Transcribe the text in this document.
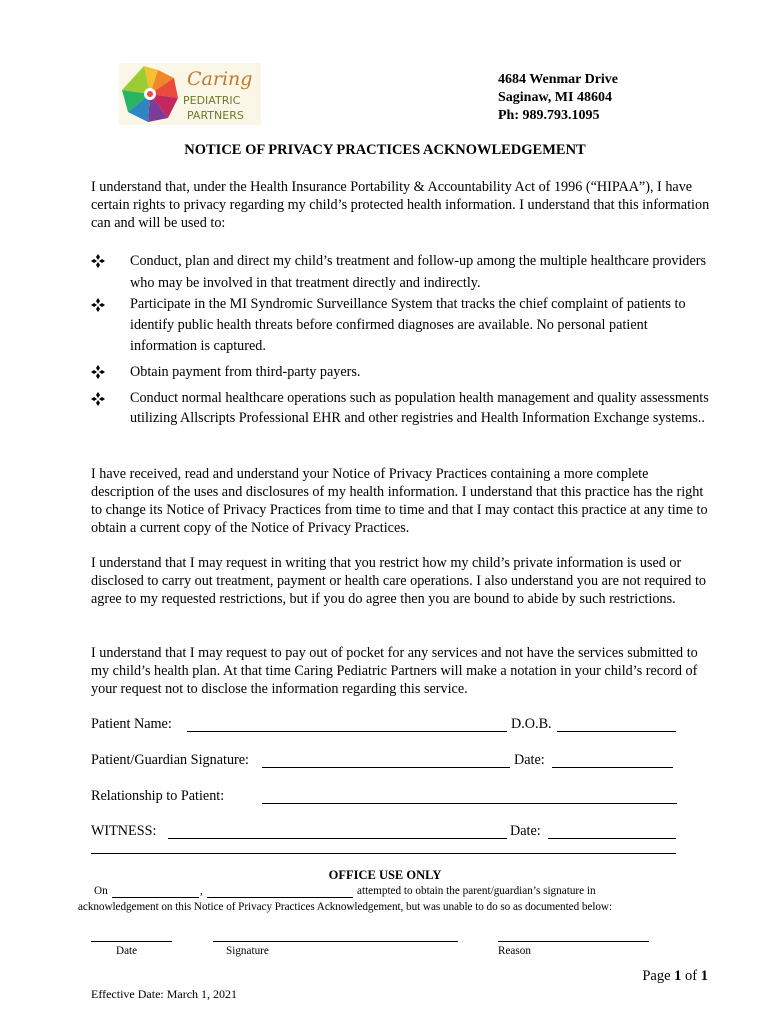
Caring
PEDIATRIC
PARTNERS
4684 Wenmar Drive
Saginaw, MI 48604
Ph: 989.793.1095
NOTICE OF PRIVACY PRACTICES ACKNOWLEDGEMENT

I understand that, under the Health Insurance Portability & Accountability Act of 1996 (“HIPAA”), I have certain rights to privacy regarding my child’s protected health information. I understand that this information can and will be used to:

Conduct, plan and direct my child’s treatment and follow-up among the multiple healthcare providers who may be involved in that treatment directly and indirectly.
Participate in the MI Syndromic Surveillance System that tracks the chief complaint of patients to identify public health threats before confirmed diagnoses are available. No personal patient information is captured.
Obtain payment from third-party payers.
Conduct normal healthcare operations such as population health management and quality assessments utilizing Allscripts Professional EHR and other registries and Health Information Exchange systems..

I have received, read and understand your Notice of Privacy Practices containing a more complete description of the uses and disclosures of my health information. I understand that this practice has the right to change its Notice of Privacy Practices from time to time and that I may contact this practice at any time to obtain a current copy of the Notice of Privacy Practices.

I understand that I may request in writing that you restrict how my child’s private information is used or disclosed to carry out treatment, payment or health care operations. I also understand you are not required to agree to my requested restrictions, but if you do agree then you are bound to abide by such restrictions.

I understand that I may request to pay out of pocket for any services and not have the services submitted to my child’s health plan. At that time Caring Pediatric Partners will make a notation in your child’s record of your request not to disclose the information regarding this service.

Patient Name:	D.O.B.
Patient/Guardian Signature:	Date:
Relationship to Patient:
WITNESS:	Date:
OFFICE USE ONLY
On	,	attempted to obtain the parent/guardian’s signature in
acknowledgement on this Notice of Privacy Practices Acknowledgement, but was unable to do so as documented below:
Date	Signature	Reason
Page 1 of 1
Effective Date: March 1, 2021
